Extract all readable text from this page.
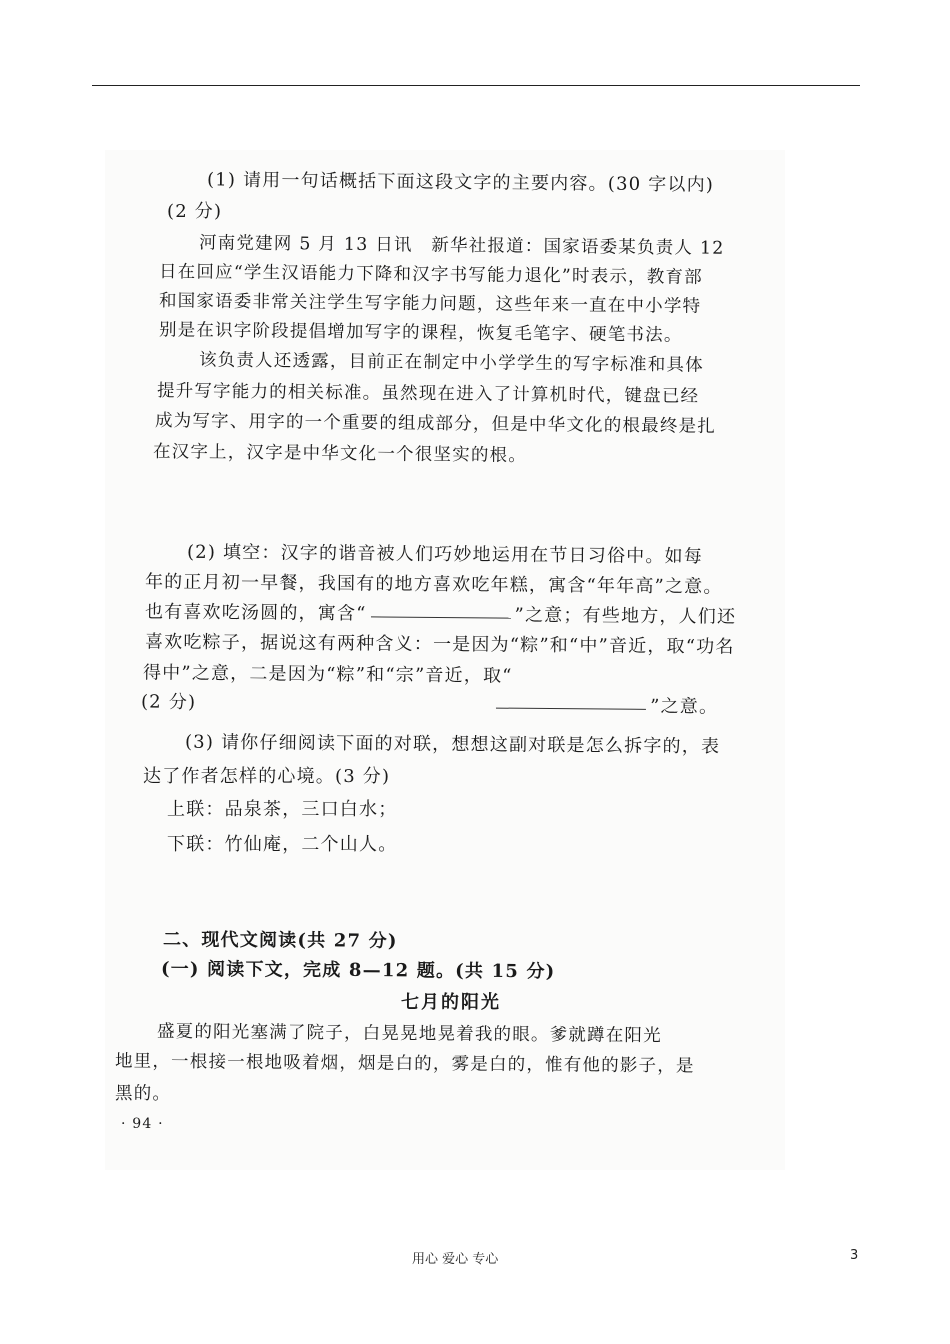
(1) 请用一句话概括下面这段文字的主要内容。(30 字以内)
(2 分)
河南党建网 5 月 13 日讯　新华社报道：国家语委某负责人 12
日在回应“学生汉语能力下降和汉字书写能力退化”时表示，教育部
和国家语委非常关注学生写字能力问题，这些年来一直在中小学特
别是在识字阶段提倡增加写字的课程，恢复毛笔字、硬笔书法。
该负责人还透露，目前正在制定中小学学生的写字标准和具体
提升写字能力的相关标准。虽然现在进入了计算机时代，键盘已经
成为写字、用字的一个重要的组成部分，但是中华文化的根最终是扎
在汉字上，汉字是中华文化一个很坚实的根。
(2) 填空：汉字的谐音被人们巧妙地运用在节日习俗中。如每
年的正月初一早餐，我国有的地方喜欢吃年糕，寓含“年年高”之意。
也有喜欢吃汤圆的，寓含“	”之意；有些地方，人们还
喜欢吃粽子，据说这有两种含义：一是因为“粽”和“中”音近，取“功名
得中”之意，二是因为“粽”和“宗”音近，取“
(2 分)	”之意。
(3) 请你仔细阅读下面的对联，想想这副对联是怎么拆字的，表
达了作者怎样的心境。(3 分)
上联：品泉茶，三口白水；
下联：竹仙庵，二个山人。
二、现代文阅读(共 27 分)
(一) 阅读下文，完成 8—12 题。(共 15 分)
七月的阳光
盛夏的阳光塞满了院子，白晃晃地晃着我的眼。爹就蹲在阳光
地里，一根接一根地吸着烟，烟是白的，雾是白的，惟有他的影子，是
黑的。
· 94 ·
用心 爱心 专心	3
